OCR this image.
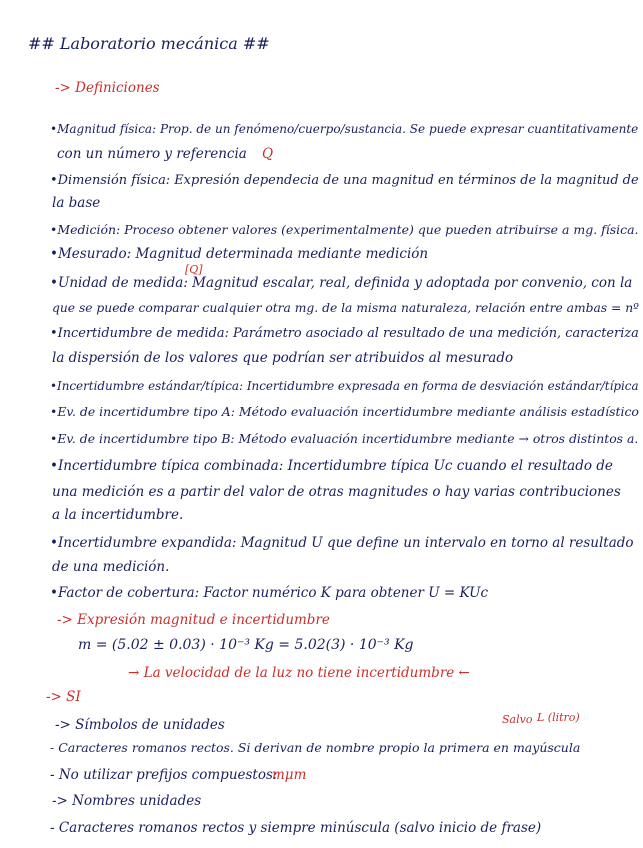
## Laboratorio mecánica ##
-> Definiciones
•Magnitud física: Prop. de un fenómeno/cuerpo/sustancia. Se puede expresar cuantitativamente
con un número y referencia Q
•Dimensión física: Expresión dependecia de una magnitud en términos de la magnitud de
la base
•Medición: Proceso obtener valores (experimentalmente) que pueden atribuirse a mg. física.
•Mesurado: Magnitud determinada mediante medición
[Q]
•Unidad de medida: Magnitud escalar, real, definida y adoptada por convenio, con la
que se puede comparar cualquier otra mg. de la misma naturaleza, relación entre ambas = nº
•Incertidumbre de medida: Parámetro asociado al resultado de una medición, caracteriza
la dispersión de los valores que podrían ser atribuidos al mesurado
•Incertidumbre estándar/típica: Incertidumbre expresada en forma de desviación estándar/típica
•Ev. de incertidumbre tipo A: Método evaluación incertidumbre mediante análisis estadístico
•Ev. de incertidumbre tipo B: Método evaluación incertidumbre mediante → otros distintos a.
•Incertidumbre típica combinada: Incertidumbre típica Uc cuando el resultado de
una medición es a partir del valor de otras magnitudes o hay varias contribuciones
a la incertidumbre.
•Incertidumbre expandida: Magnitud U que define un intervalo en torno al resultado
de una medición.
•Factor de cobertura: Factor numérico K para obtener U = KUc
-> Expresión magnitud e incertidumbre
m = (5.02 ± 0.03) · 10⁻³ Kg = 5.02(3) · 10⁻³ Kg
→ La velocidad de la luz no tiene incertidumbre ←
-> SI
-> Símbolos de unidades	Salvo L (litro)
- Caracteres romanos rectos. Si derivan de nombre propio la primera en mayúscula
- No utilizar prefijos compuestos:
mμm
-> Nombres unidades
- Caracteres romanos rectos y siempre minúscula (salvo inicio de frase)
